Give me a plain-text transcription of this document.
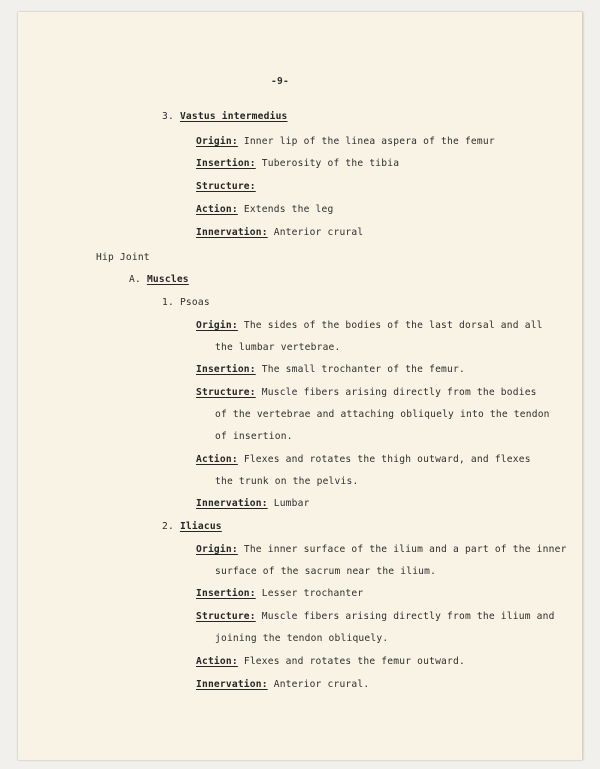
-9-
3. Vastus intermedius
Origin: Inner lip of the linea aspera of the femur
Insertion: Tuberosity of the tibia
Structure:
Action: Extends the leg
Innervation: Anterior crural
Hip Joint
A. Muscles
1. Psoas
Origin: The sides of the bodies of the last dorsal and all
the lumbar vertebrae.
Insertion: The small trochanter of the femur.
Structure: Muscle fibers arising directly from the bodies
of the vertebrae and attaching obliquely into the tendon
of insertion.
Action: Flexes and rotates the thigh outward, and flexes
the trunk on the pelvis.
Innervation: Lumbar
2. Iliacus
Origin: The inner surface of the ilium and a part of the inner
surface of the sacrum near the ilium.
Insertion: Lesser trochanter
Structure: Muscle fibers arising directly from the ilium and
joining the tendon obliquely.
Action: Flexes and rotates the femur outward.
Innervation: Anterior crural.
